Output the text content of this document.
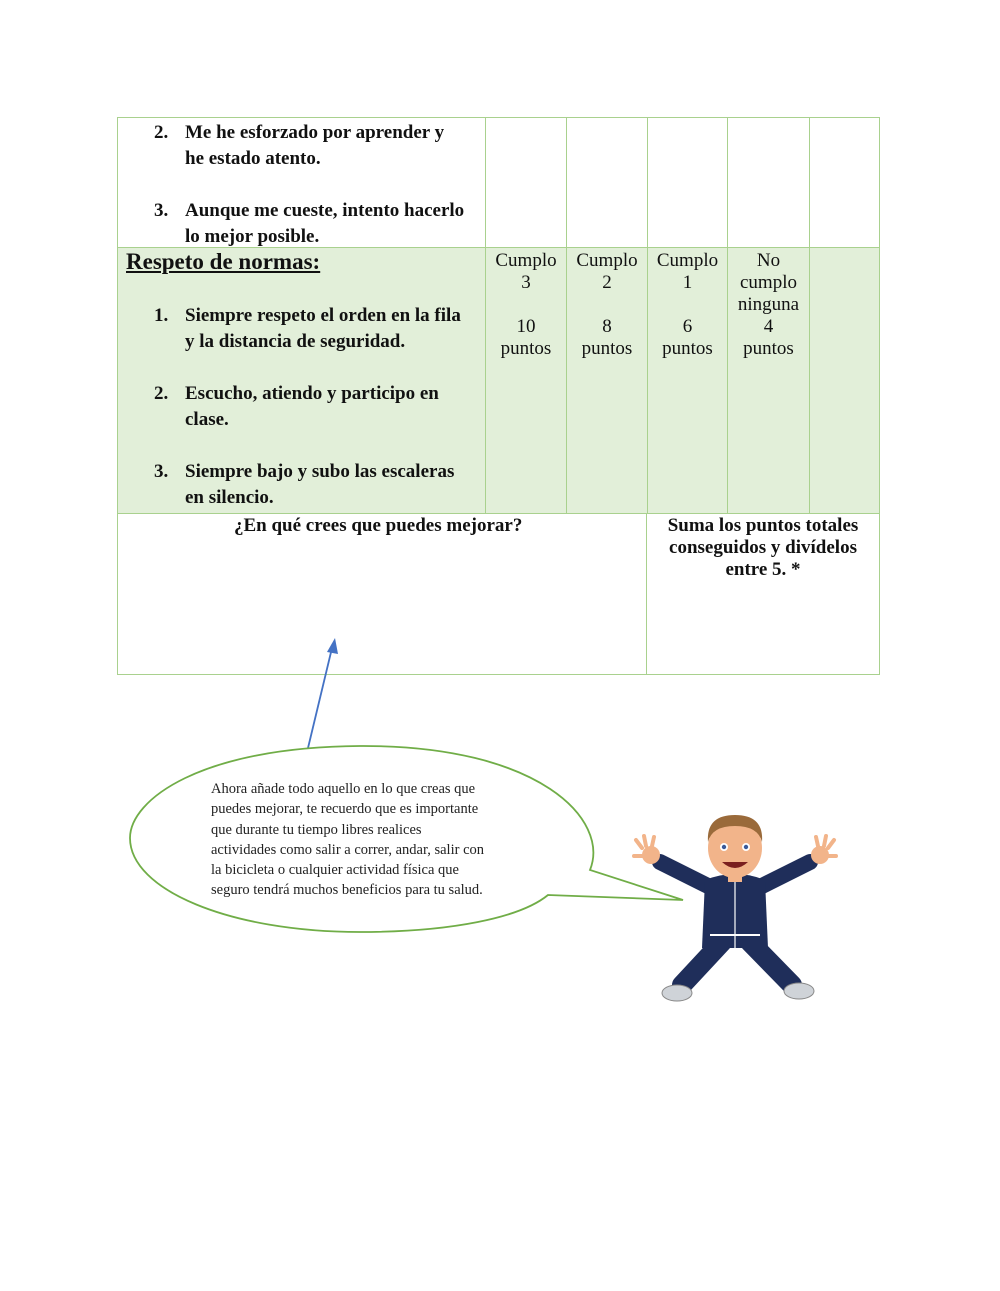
2. Me he esforzado por aprender y
he estado atento.
3. Aunque me cueste, intento hacerlo
lo mejor posible.
Respeto de normas:
1. Siempre respeto el orden en la fila
y la distancia de seguridad.
2. Escucho, atiendo y participo en
clase.
3. Siempre bajo y subo las escaleras
en silencio.
Cumplo
3
10
puntos
Cumplo
2
8
puntos
Cumplo
1
6
puntos
No
cumplo
ninguna
4
puntos
¿En qué crees que puedes mejorar?	Suma los puntos totales
conseguidos y divídelos
entre 5. *
Ahora añade todo aquello en lo que creas que
puedes mejorar, te recuerdo que es importante
que durante tu tiempo libres realices
actividades como salir a correr, andar, salir con
la bicicleta o cualquier actividad física que
seguro tendrá muchos beneficios para tu salud.
